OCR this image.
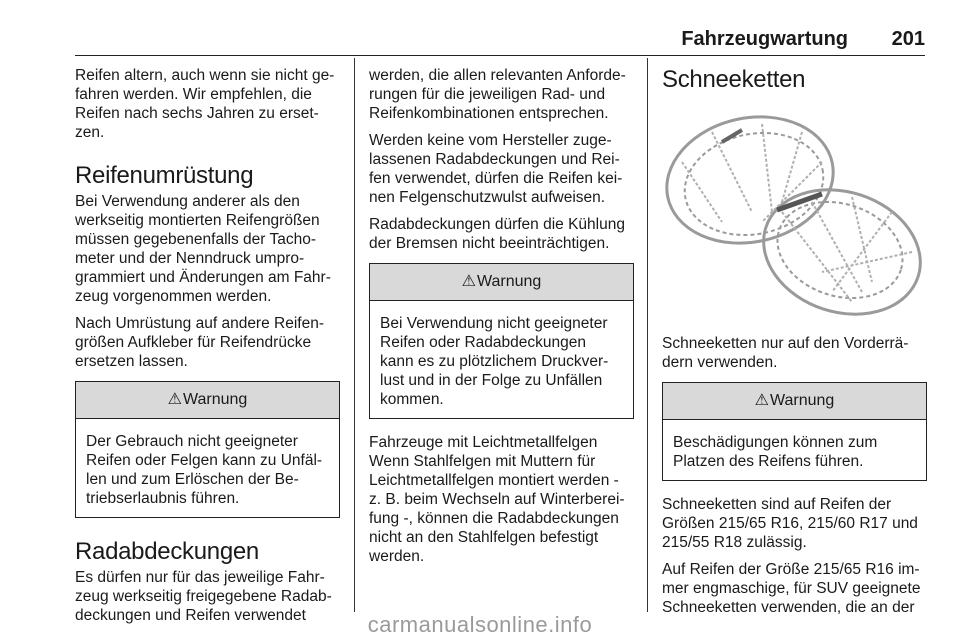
Fahrzeugwartung 201

Reifen altern, auch wenn sie nicht ge-fahren werden. Wir empfehlen, die Reifen nach sechs Jahren zu erset-zen.

Reifenumrüstung

Bei Verwendung anderer als den werkseitig montierten Reifengrößen müssen gegebenenfalls der Tacho-meter und der Nenndruck umpro-grammiert und Änderungen am Fahr-zeug vorgenommen werden.

Nach Umrüstung auf andere Reifen-größen Aufkleber für Reifendrücke ersetzen lassen.

⚠Warnung
Der Gebrauch nicht geeigneter Reifen oder Felgen kann zu Unfäl-len und zum Erlöschen der Be-triebserlaubnis führen.
Radabdeckungen

Es dürfen nur für das jeweilige Fahr-zeug werkseitig freigegebene Radab-deckungen und Reifen verwendet

werden, die allen relevanten Anforde-rungen für die jeweiligen Rad- und Reifenkombinationen entsprechen.

Werden keine vom Hersteller zuge-lassenen Radabdeckungen und Rei-fen verwendet, dürfen die Reifen kei-nen Felgenschutzwulst aufweisen.

Radabdeckungen dürfen die Kühlung der Bremsen nicht beeinträchtigen.

⚠Warnung
Bei Verwendung nicht geeigneter Reifen oder Radabdeckungen kann es zu plötzlichem Druckver-lust und in der Folge zu Unfällen kommen.

Fahrzeuge mit Leichtmetallfelgen Wenn Stahlfelgen mit Muttern für Leichtmetallfelgen montiert werden - z. B. beim Wechseln auf Winterberei-fung -, können die Radabdeckungen nicht an den Stahlfelgen befestigt werden.

Schneeketten

Schneeketten nur auf den Vorderrä-dern verwenden.

⚠Warnung
Beschädigungen können zum Platzen des Reifens führen.

Schneeketten sind auf Reifen der Größen 215/65 R16, 215/60 R17 und 215/55 R18 zulässig.

Auf Reifen der Größe 215/65 R16 im-mer engmaschige, für SUV geeignete Schneeketten verwenden, die an der

carmanualsonline.info
